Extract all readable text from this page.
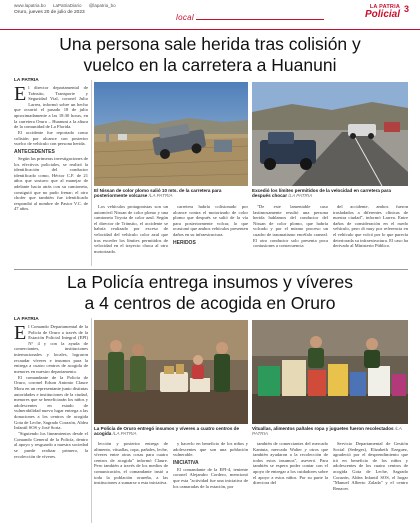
www.lapatria.bo LaPatriaDiario @lapatria_bo
Oruro, jueves 20 de julio de 2023
local
LA PATRIA
Policial 3
Una persona sale herida tras colisión y
vuelco en la carretera a Huanuni
LA PATRIA
E l director departamental de Tránsito, Transporte y Seguridad Vial, coronel Julio Larrea, informó sobre un hecho que ocurrió el pasado 18 de julio aproximadamente a las 18:30 horas, en la carretera Oruro – Huanuni a la altura de la comunidad de La Florida.

El accidente fue reportado como colisión por alcance con posterior vuelco de vehículo con persona herida.

ANTECEDENTES

Según las primeras investigaciones de los efectivos policiales, se realizó la identificación del conductor identificado como, Héctor C.F. de 21 años que sostuvo que al manejar de adelante hacia atrás con su camioneta, consiguió que no pudo frenar; el otro chofer que también fue identificado respondió al nombre de Pastor V.C. de 47 años.

El Nissan de color plomo salió 10 mts. de la carretera para posteriormente volcarse /LA PATRIA
Excedió los límites permitidos de la velocidad en carretera para después chocar /LA PATRIA

Los vehículos protagonistas son un automóvil Nissan de color plomo y una camioneta Toyota de color azul. Según el director de Tránsito, el accidente se habría realizado por exceso de velocidad del vehículo color azul que tras exceder los límites permitidos de velocidad en el trayecto choca al otro motorizado.

carretera habría colisionado por alcance contra el motorizado de color plomo que después se salió de la vía para posteriormente volcar, lo que ocasionó que ambos vehículos presenten daños en su infraestructura.

HERIDOS

"De este lamentable caso lastimosamente resultó una persona herida hablamos del conductor del Nissan de color plomo, que habría volcado y por el mismo proceso un cuadro de traumatismo encéfalo craneal. El otro conductor solo presenta poca contusiones a consecuencia

del accidente, ambos fueron trasladados a diferentes clínicas de nuestra ciudad", informó Larrea. Entre daños de consideración en el ruedo vehículo, pero di muy por referencia en el vehículo que volcó por lo que parecía deteriorada su infraestructura. El caso ha derivado al Ministerio Público.

La Policía entrega insumos y víveres
a 4 centros de acogida en Oruro
LA PATRIA
E l Comando Departamental de la Policía de Oruro a través de la Estación Policial Integral (EPI) N° 4 y con la ayuda de comerciantes, instituciones internacionales y locales, lograron recaudar víveres e insumos para la entrega a cuatro centros de acogida de menores en nuestro departamento.

El comandante de la Policía de Oruro, coronel Edson Antonio Claure Mora en un representante junto distintas autoridades e instituciones de la ciudad, menores que se beneficiarán los niños y adolescentes en estado de vulnerabilidad nuevo lugar entrega a las donaciones a los centros de acogida Gota de Leche, Sagrado Corazón, Aldea Infantil SOS y José Soria.

"Siguiendo los lineamientos desde el Comando General de la Policía, dentro al apoyo y resguardo a nuestra sociedad se puede realizar primero, la recolección de víveres.

La Policía de Oruro entregó insumos y víveres a cuatro centros de acogida /LA PATRIA
Vituallas, alimentos pañales ropa y juguetes fueron recolectados /LA PATRIA

lección y posterior entrega de alimento, vituallas, ropa, pañales, leche, víveres entre otras cosas para cuatro centros de acogida" informó Claure. Pero también a través de los medios de comunicación, el comandante instó a toda la población orureña, a las instituciones a sumarse a esta iniciativa.

y hacerlo en beneficio de los niños y adolescentes que son una población vulnerable.

INICIATIVA

El comandante de la EPI-4, teniente coronel Alejandro Cordero, mencionó que esta "actividad fue una iniciativa de los camaradas de la estación, por

también de comerciantes del mercado Kantuta, mercado Walter y otros que también ayudaron a la recolección de todos estos insumos", aseveró. Para también se espera poder contar con el apoyo de entregar a los cuidadores sobre el apoyo a estos niños. Por su parte la directora del

Servicio Departamental de Gestión Social (Sedeges), Elizabeth Ezeguez, agradeció por el desprendimiento que irá en beneficio de los niños y adolescentes de los cuatro centros de acogida Gota de Leche, Sagrado Corazón, Aldea Infantil SOS, el hogar "Manuel Alberto Zalada" y el centro Renacer.
